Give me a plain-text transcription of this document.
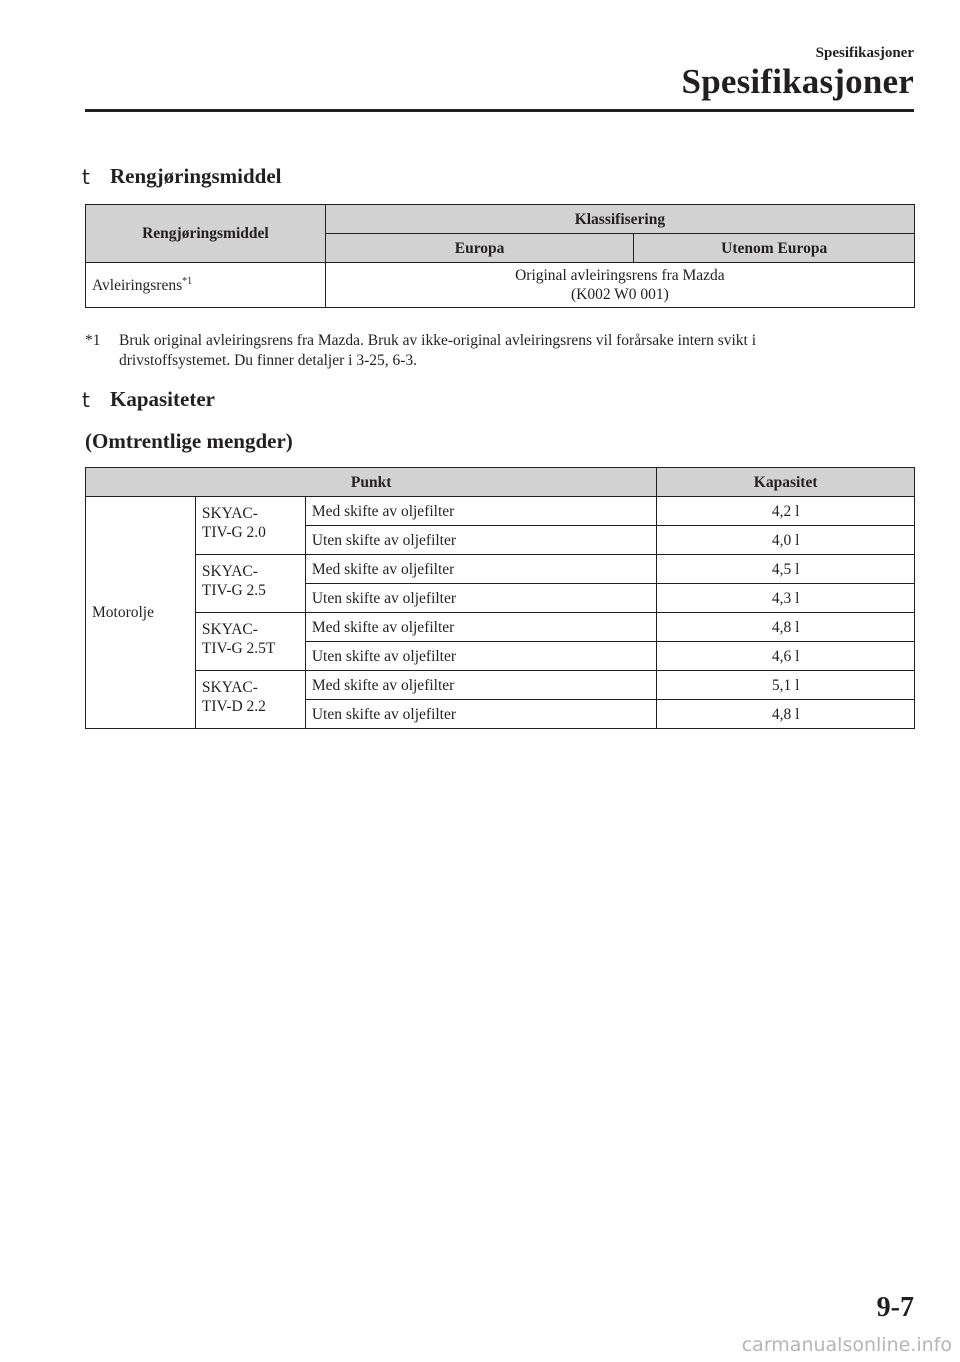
Spesifikasjoner
Spesifikasjoner
t Rengjøringsmiddel
Rengjøringsmiddel	Klassifisering	
	Europa	Utenom Europa
Avleiringsrens$^{*1}$	Original avleiringsrens fra Mazda
(K002 W0 001)	
*1 Bruk original avleiringsrens fra Mazda. Bruk av ikke-original avleiringsrens vil forårsake intern svikt i
drivstoffsystemet. Du finner detaljer i 3-25, 6-3.
t Kapasiteter
(Omtrentlige mengder)
Punkt			Kapasitet
Motorolje	SKYAC-
TIV-G 2.0	Med skifte av oljefilter	4,2 l
		Uten skifte av oljefilter	4,0 l

	SKYAC-
TIV-G 2.5	Med skifte av oljefilter	4,5 l
		Uten skifte av oljefilter	4,3 l

	SKYAC-
TIV-G 2.5T	Med skifte av oljefilter	4,8 l
		Uten skifte av oljefilter	4,6 l

	SKYAC-
TIV-D 2.2	Med skifte av oljefilter	5,1 l
		Uten skifte av oljefilter	4,8 l
9-7
carmanualsonline.info
